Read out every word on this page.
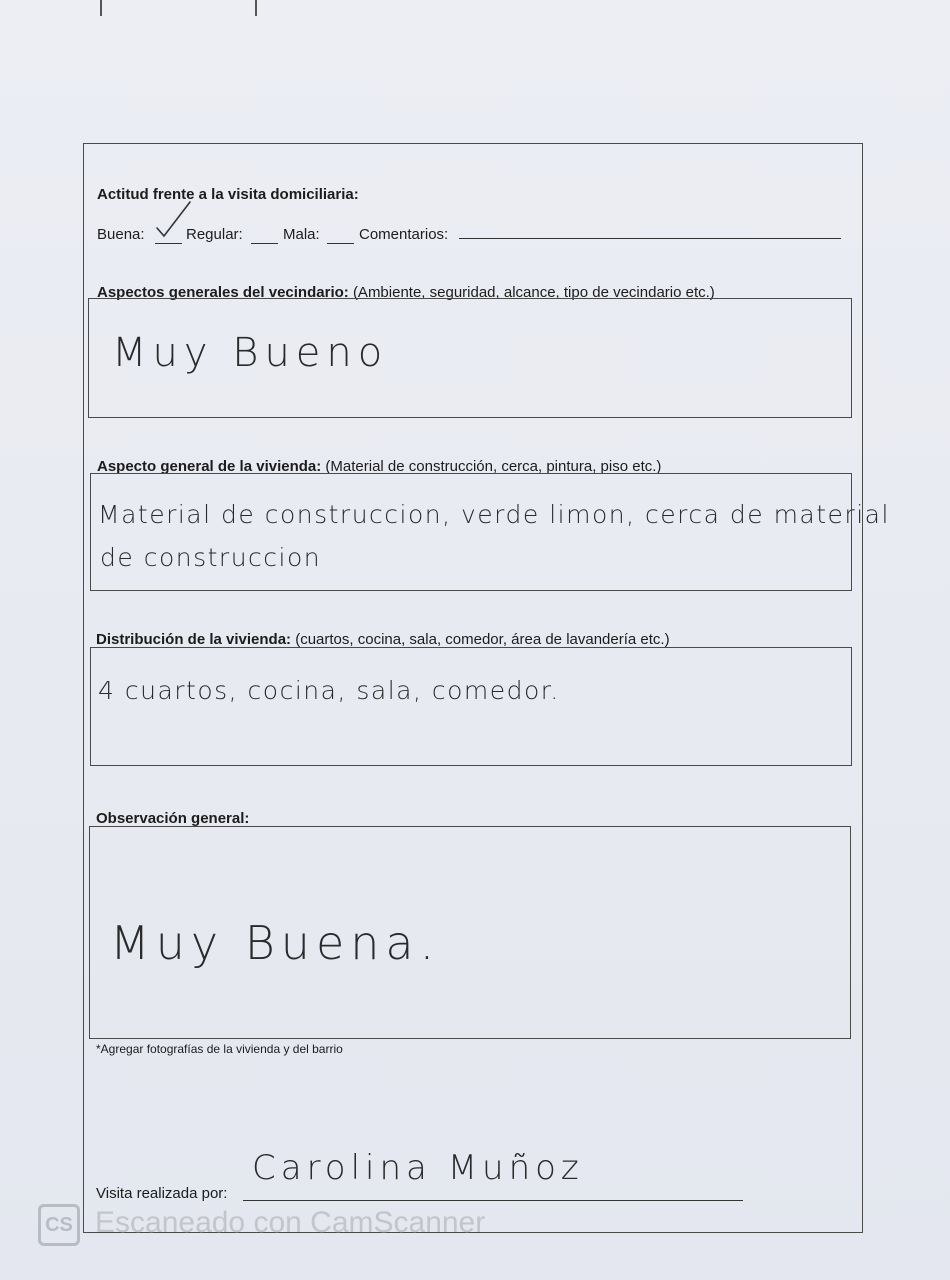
Actitud frente a la visita domiciliaria:
Buena:	Regular:	Mala:	Comentarios:
Aspectos generales del vecindario: (Ambiente, seguridad, alcance, tipo de vecindario etc.)
Muy Bueno
Aspecto general de la vivienda: (Material de construcción, cerca, pintura, piso etc.)
Material de construccion, verde limon, cerca de material
de construccion
Distribución de la vivienda: (cuartos, cocina, sala, comedor, área de lavandería etc.)
4 cuartos, cocina, sala, comedor.
Observación general:
Muy Buena.
*Agregar fotografías de la vivienda y del barrio
Visita realizada por:
Carolina Muñoz
CS Escaneado con CamScanner
